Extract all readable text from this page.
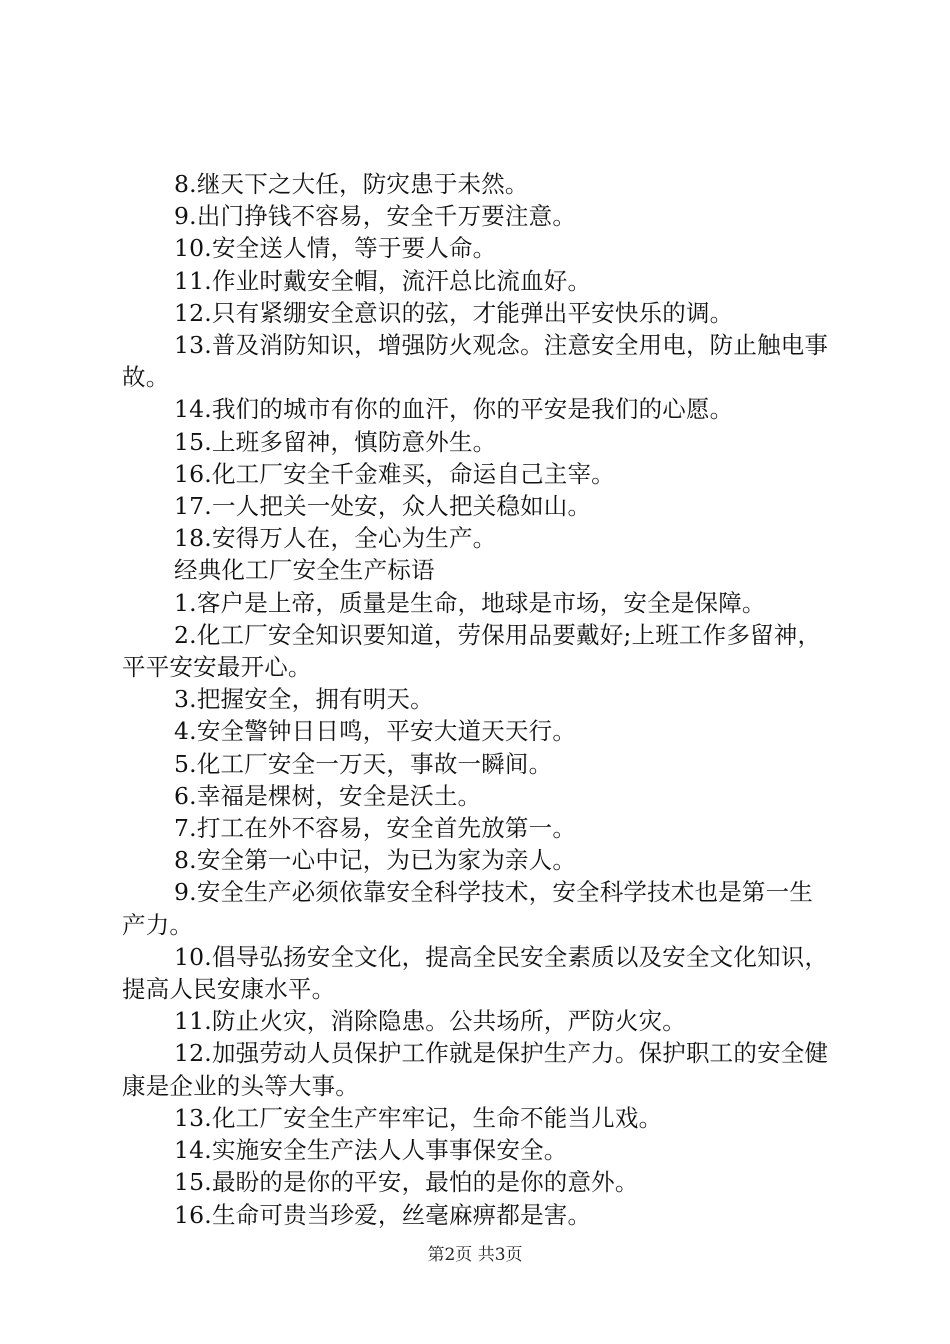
8.继天下之大任，防灾患于未然。

9.出门挣钱不容易，安全千万要注意。

10.安全送人情，等于要人命。

11.作业时戴安全帽，流汗总比流血好。

12.只有紧绷安全意识的弦，才能弹出平安快乐的调。

13.普及消防知识，增强防火观念。注意安全用电，防止触电事故。

14.我们的城市有你的血汗，你的平安是我们的心愿。

15.上班多留神，慎防意外生。

16.化工厂安全千金难买，命运自己主宰。

17.一人把关一处安，众人把关稳如山。

18.安得万人在，全心为生产。

经典化工厂安全生产标语

1.客户是上帝，质量是生命，地球是市场，安全是保障。

2.化工厂安全知识要知道，劳保用品要戴好;上班工作多留神，平平安安最开心。

3.把握安全，拥有明天。

4.安全警钟日日鸣，平安大道天天行。

5.化工厂安全一万天，事故一瞬间。

6.幸福是棵树，安全是沃土。

7.打工在外不容易，安全首先放第一。

8.安全第一心中记，为已为家为亲人。

9.安全生产必须依靠安全科学技术，安全科学技术也是第一生产力。

10.倡导弘扬安全文化，提高全民安全素质以及安全文化知识，提高人民安康水平。

11.防止火灾，消除隐患。公共场所，严防火灾。

12.加强劳动人员保护工作就是保护生产力。保护职工的安全健康是企业的头等大事。

13.化工厂安全生产牢牢记，生命不能当儿戏。

14.实施安全生产法人人事事保安全。

15.最盼的是你的平安，最怕的是你的意外。

16.生命可贵当珍爱，丝毫麻痹都是害。

第2页 共3页
